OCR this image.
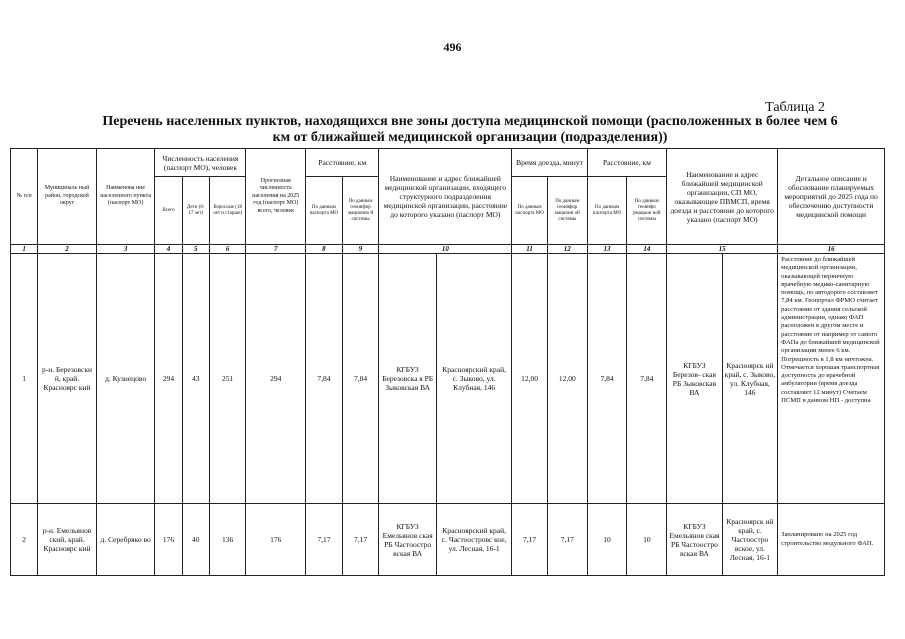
496
Таблица 2
Перечень населенных пунктов, находящихся вне зоны доступа медицинской помощи (расположенных в более чем 6 км от ближайшей медицинской организации (подразделения))
№ п/п	Муниципаль ный район, городской округ	Наименова ние населенного пункта (паспорт МО)	Численность населения (паспорт МО), человек			Прогнозная численность населения на 2025 год (паспорт МО) всего, человек	Расстояние, км		Наименование и адрес ближайшей медицинской организации, входящего структурного подразделения медицинской организации, расстояние до которого указано (паспорт МО)		Время доезда, минут		Расстояние, км		Наименование и адрес ближайшей медицинской организации, СП МО, оказывающее ПВМСП, время доезда и расстояние до которого указано (паспорт МО)		Детальное описание и обоснование планируемых мероприятий до 2025 года по обеспечению доступности медицинской помощи
			Всего	Дети (0-17 лет)	Взрослые (18 лет и старше)		По данным паспорта МО	По данным геоинфор мационно й системы			По данным паспорта МО	По данным геоинфор мационн ой системы	По данным паспорта МО	По данным геоинфо рмацион ной системы			
1	2	3	4	5	6	7	8	9	10		11	12	13	14	15		16
1	р-н. Березовски й, край. Красноярс кий	д. Кузнецово	294	43	251	294	7,84	7,84	КГБУЗ Березовска я РБ Зыковская ВА	Красноярский край, с. Зыково, ул. Клубная, 146	12,00	12,00	7,84	7,84	КГБУЗ Березов- ская РБ Зыковская ВА	Красноярск ий край, с. Зыково, ул. Клубная, 146	Расстояние до ближайшей медицинской организации, оказывающей первичную врачебную медико-санитарную помощь, по автодороге составляет 7,84 км. Геопортал ФРМО считает расстояние от здания сельской администрации, однако ФАП расположен в другом месте и расстояние от например от самого ФАПа до ближайшей медицинской организации менее 6 км. Погрешность в 1,8 км ничтожна. Отмечается хорошая транспортная доступность до врачебной амбулатории (время доезда составляет 12 минут) Считаем ПСМП в данном НП - доступна
2	р-н. Емельянов ский, край. Красноярс кий	д. Серебряко во	176	40	136	176	7,17	7,17	КГБУЗ Емельянов ская РБ Частоостро вская ВА	Красноярский край, с. Частоостровс кое, ул. Лесная, 16-1	7,17	7,17	10	10	КГБУЗ Емельянов ская РБ Частоостро вская ВА	Красноярск ий край, с. Частоостро вское, ул. Лесная, 16-1	Запланировано на 2025 год строительство модульного ФАП.
